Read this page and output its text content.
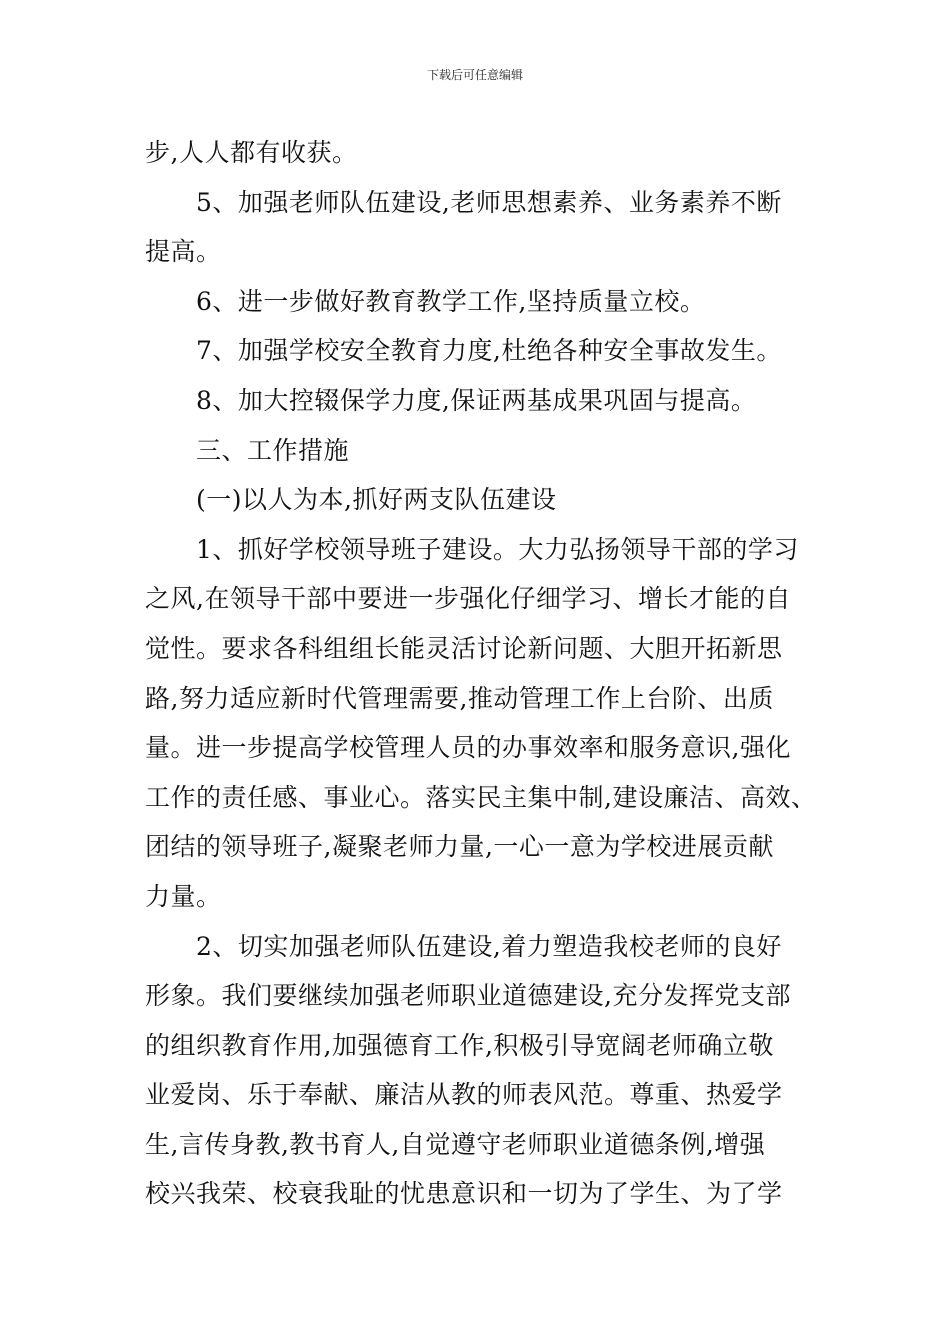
下载后可任意编辑
步,人人都有收获。
5、加强老师队伍建设,老师思想素养、业务素养不断
提高。
6、进一步做好教育教学工作,坚持质量立校。
7、加强学校安全教育力度,杜绝各种安全事故发生。
8、加大控辍保学力度,保证两基成果巩固与提高。
三、工作措施
(一)以人为本,抓好两支队伍建设
1、抓好学校领导班子建设。大力弘扬领导干部的学习
之风,在领导干部中要进一步强化仔细学习、增长才能的自
觉性。要求各科组组长能灵活讨论新问题、大胆开拓新思
路,努力适应新时代管理需要,推动管理工作上台阶、出质
量。进一步提高学校管理人员的办事效率和服务意识,强化
工作的责任感、事业心。落实民主集中制,建设廉洁、高效、
团结的领导班子,凝聚老师力量,一心一意为学校进展贡献
力量。
2、切实加强老师队伍建设,着力塑造我校老师的良好
形象。我们要继续加强老师职业道德建设,充分发挥党支部
的组织教育作用,加强德育工作,积极引导宽阔老师确立敬
业爱岗、乐于奉献、廉洁从教的师表风范。尊重、热爱学
生,言传身教,教书育人,自觉遵守老师职业道德条例,增强
校兴我荣、校衰我耻的忧患意识和一切为了学生、为了学
